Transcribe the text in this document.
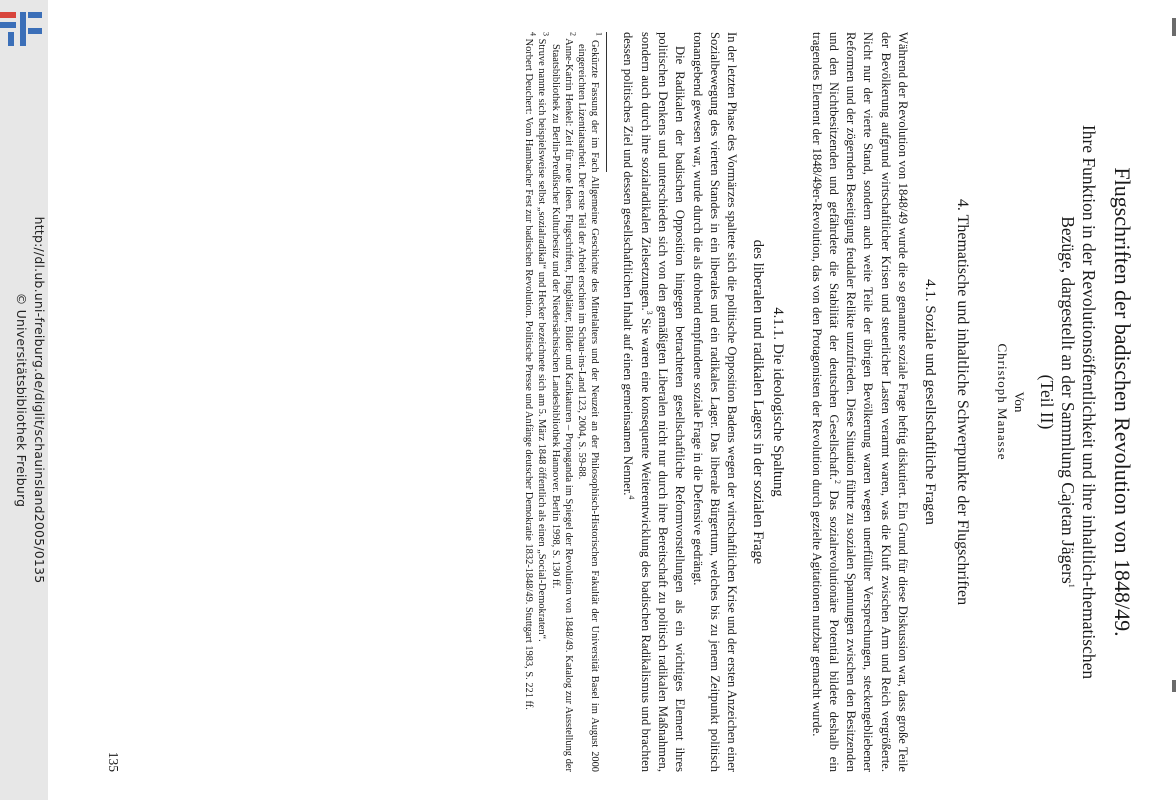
http://dl.ub.uni-freiburg.de/diglit/schauinsland2005/0135
© Universitätsbibliothek Freiburg	Flugschriften der badischen Revolution von 1848/49.
Ihre Funktion in der Revolutionsöffentlichkeit und ihre inhaltlich-thematischen
Bezüge, dargestellt an der Sammlung Cajetan Jägers$^1$
(Teil II)
Von
Christoph Manasse
4. Thematische und inhaltliche Schwerpunkte der Flugschriften
4.1. Soziale und gesellschaftliche Fragen

Während der Revolution von 1848/49 wurde die so genannte soziale Frage heftig diskutiert. Ein Grund für diese Diskussion war, dass große Teile der Bevölkerung aufgrund wirtschaftlicher Krisen und steuerlicher Lasten verarmt waren, was die Kluft zwischen Arm und Reich vergrößerte. Nicht nur der vierte Stand, sondern auch weite Teile der übrigen Bevölkerung waren wegen unerfüllter Versprechungen, steckengebliebener Reformen und der zögernden Beseitigung feudaler Relikte unzufrieden. Diese Situation führte zu sozialen Spannungen zwischen den Besitzenden und den Nichtbesitzenden und gefährdete die Stabilität der deutschen Gesellschaft.$^2$ Das sozialrevolutionäre Potential bildete deshalb ein tragendes Element der 1848/49er-Revolution, das von den Protagonisten der Revolution durch gezielte Agitationen nutzbar gemacht wurde.

4.1.1. Die ideologische Spaltung
des liberalen und radikalen Lagers in der sozialen Frage

In der letzten Phase des Vormärzes spaltete sich die politische Opposition Badens wegen der wirtschaftlichen Krise und der ersten Anzeichen einer Sozialbewegung des vierten Standes in ein liberales und ein radikales Lager. Das liberale Bürgertum, welches bis zu jenem Zeitpunkt politisch tonangebend gewesen war, wurde durch die als drohend empfundene soziale Frage in die Defensive gedrängt.

Die Radikalen der badischen Opposition hingegen betrachteten gesellschaftliche Reformvorstellungen als ein wichtiges Element ihres politischen Denkens und unterschieden sich von den gemäßigten Liberalen nicht nur durch ihre Bereitschaft zu politisch radikalen Maßnahmen, sondern auch durch ihre sozialradikalen Zielsetzungen.$^3$ Sie waren eine konsequente Weiterentwicklung des badischen Radikalismus und brachten dessen politisches Ziel und dessen gesellschaftlichen Inhalt auf einen gemeinsamen Nenner.$^4$

$^1$ Gekürzte Fassung der im Fach Allgemeine Geschichte des Mittelalters und der Neuzeit an der Philosophisch-Historischen Fakultät der Universität Basel im August 2000 eingereichten Lizentiatsarbeit. Der erste Teil der Arbeit erschien im Schau-ins-Land 123, 2004, S. 59-88.

$^2$ Anne-Katrin Henkel: Zeit für neue Ideen. Flugschriften, Flugblätter, Bilder und Karikaturen – Propaganda im Spiegel der Revolution von 1848/49. Katalog zur Ausstellung der Staatsbibliothek zu Berlin-Preußischer Kulturbesitz und der Niedersächsischen Landesbibliothek Hannover. Berlin 1998, S. 130 ff.

$^3$ Struve nannte sich beispielsweise selbst „sozialradikal“ und Hecker bezeichnete sich am 5. März 1848 öffentlich als einen „Social-Demokraten“.

$^4$ Norbert Deuchert: Vom Hambacher Fest zur badischen Revolution. Politische Presse und Anfänge deutscher Demokratie 1832-1848/49. Stuttgart 1983, S. 221 ff.

135
